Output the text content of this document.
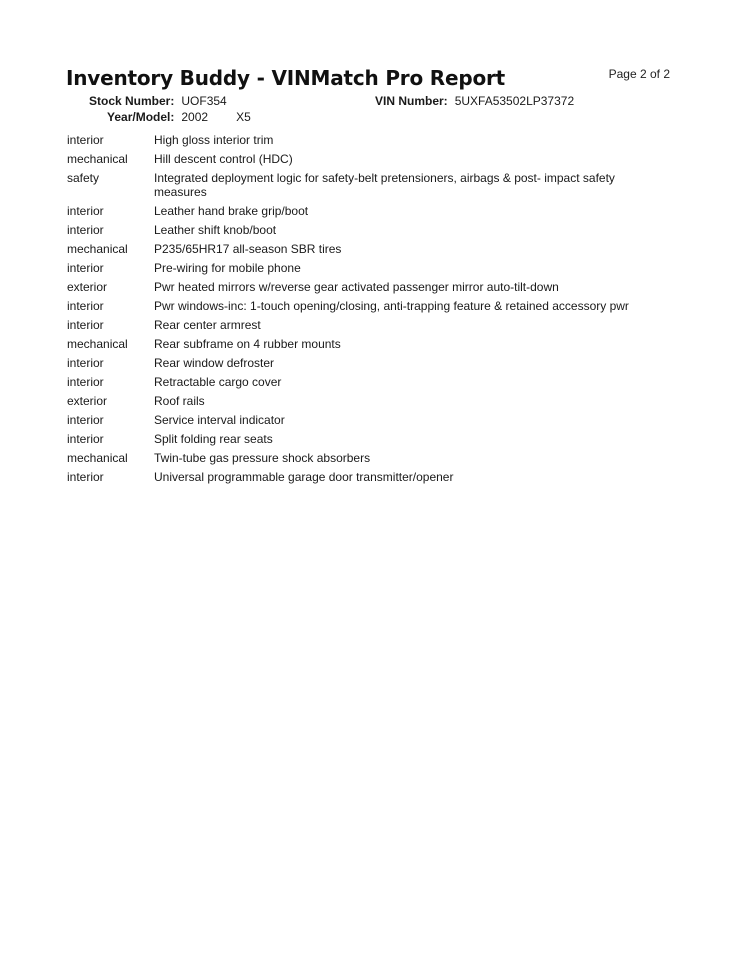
Inventory Buddy - VINMatch Pro Report	Page 2 of 2
Stock Number: UOF354
Year/Model: 2002 X5
VIN Number: 5UXFA53502LP37372
interior	High gloss interior trim
mechanical	Hill descent control (HDC)
safety	Integrated deployment logic for safety-belt pretensioners, airbags & post- impact safety measures
interior	Leather hand brake grip/boot
interior	Leather shift knob/boot
mechanical	P235/65HR17 all-season SBR tires
interior	Pre-wiring for mobile phone
exterior	Pwr heated mirrors w/reverse gear activated passenger mirror auto-tilt-down
interior	Pwr windows-inc: 1-touch opening/closing, anti-trapping feature & retained accessory pwr
interior	Rear center armrest
mechanical	Rear subframe on 4 rubber mounts
interior	Rear window defroster
interior	Retractable cargo cover
exterior	Roof rails
interior	Service interval indicator
interior	Split folding rear seats
mechanical	Twin-tube gas pressure shock absorbers
interior	Universal programmable garage door transmitter/opener
